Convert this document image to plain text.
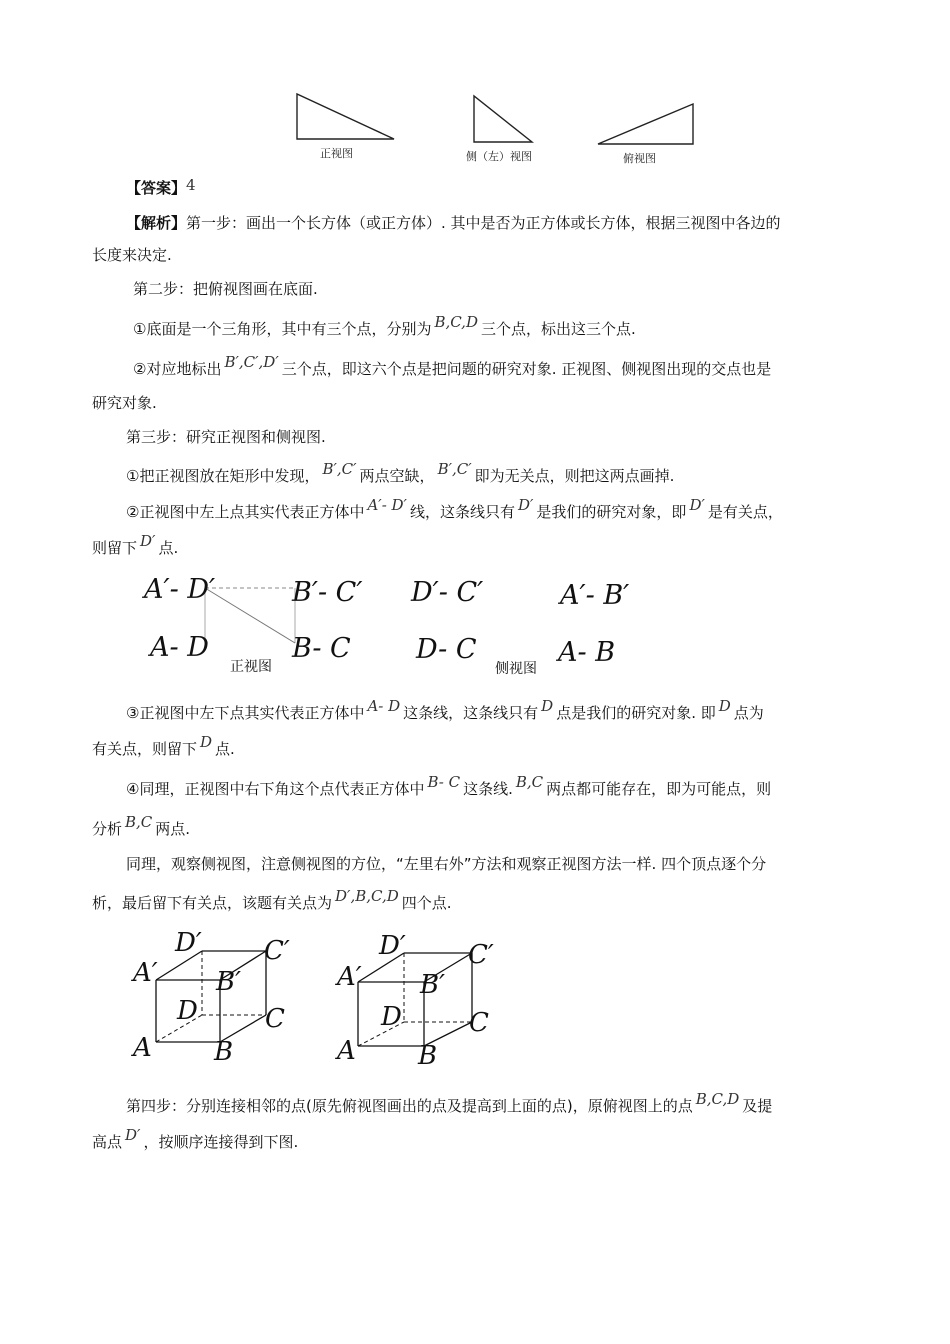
正视图	侧（左）视图	俯视图
【答案】4
【解析】第一步：画出一个长方体（或正方体）. 其中是否为正方体或长方体，根据三视图中各边的
长度来决定.
第二步：把俯视图画在底面.
①底面是一个三角形，其中有三个点，分别为 B,C,D 三个点，标出这三个点.
②对应地标出 B′,C′,D′ 三个点，即这六个点是把问题的研究对象. 正视图、侧视图出现的交点也是
研究对象.
第三步：研究正视图和侧视图.
①把正视图放在矩形中发现， B′,C′ 两点空缺， B′,C′ 即为无关点，则把这两点画掉.
②正视图中左上点其实代表正方体中 A′- D′ 线，这条线只有 D′ 是我们的研究对象，即 D′ 是有关点，
则留下 D′ 点.
A′- D′	B′- C′
A- D	B- C
正视图
D′- C′
D- C
侧视图
A′- B′
A- B
③正视图中左下点其实代表正方体中 A- D 这条线，这条线只有 D 点是我们的研究对象. 即 D 点为
有关点，则留下 D 点.
④同理，正视图中右下角这个点代表正方体中 B- C 这条线. B,C 两点都可能存在，即为可能点，则
分析 B,C 两点.
同理，观察侧视图，注意侧视图的方位，“左里右外”方法和观察正视图方法一样. 四个顶点逐个分
析，最后留下有关点，该题有关点为 D′,B,C,D 四个点.
D′ C′
A′ B′
D	C
A B
D′ C′
A′ B′
D	C
A B
第四步：分别连接相邻的点(原先俯视图画出的点及提高到上面的点)，原俯视图上的点 B,C,D 及提
高点 D′ ，按顺序连接得到下图.
